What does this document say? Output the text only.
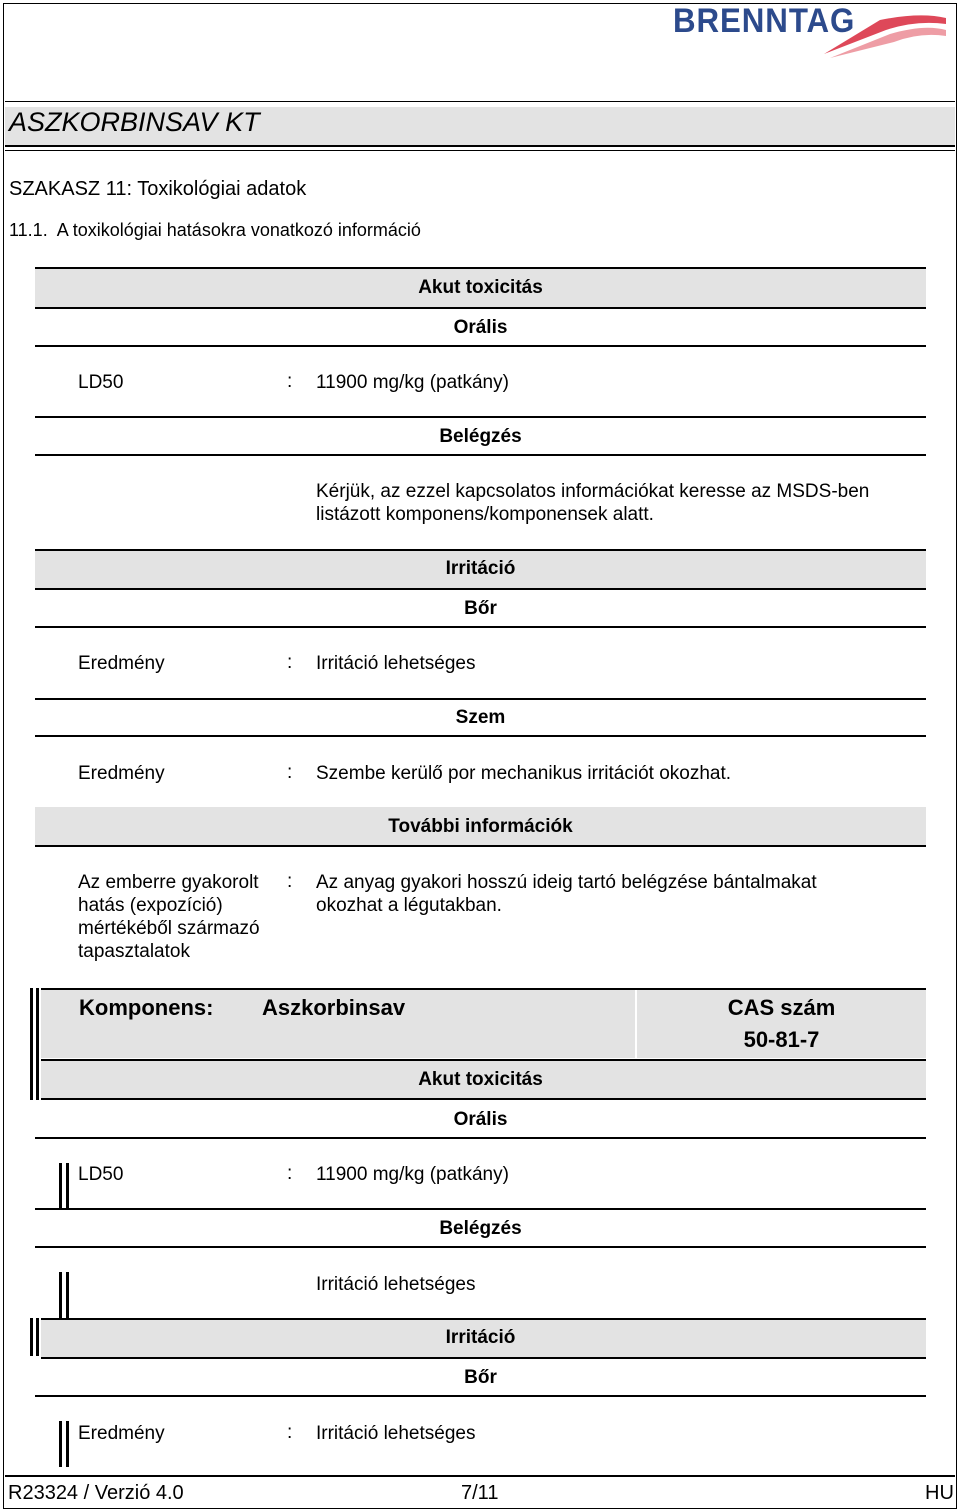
BRENNTAG
ASZKORBINSAV KT
SZAKASZ 11: Toxikológiai adatok
11.1. A toxikológiai hatásokra vonatkozó információ
Akut toxicitás
Orális
LD50	: 11900 mg/kg (patkány)
Belégzés
Kérjük, az ezzel kapcsolatos információkat keresse az MSDS-ben listázott komponens/komponensek alatt.
Irritáció
Bőr
Eredmény	: Irritáció lehetséges
Szem
Eredmény	: Szembe kerülő por mechanikus irritációt okozhat.
További információk
Az emberre gyakorolt hatás (expozíció) mértékéből származó tapasztalatok
: Az anyag gyakori hosszú ideig tartó belégzése bántalmakat okozhat a légutakban.
Komponens: Aszkorbinsav	CAS szám
50-81-7
Akut toxicitás
Orális
LD50	: 11900 mg/kg (patkány)
Belégzés
Irritáció lehetséges
Irritáció
Bőr
Eredmény	: Irritáció lehetséges
R23324 / Verzió 4.0	7/11	HU
